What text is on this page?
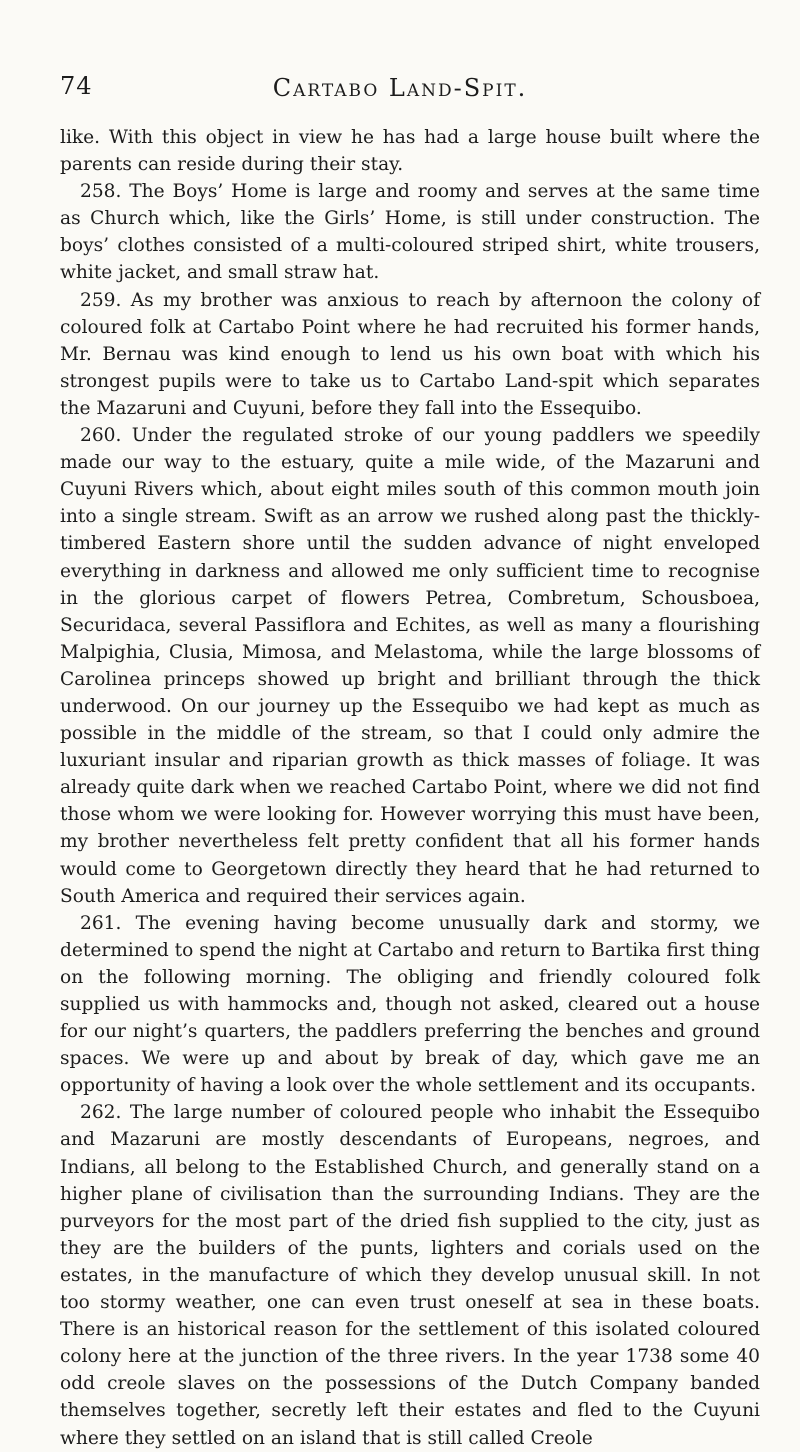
74	Cartabo Land-Spit.

like. With this object in view he has had a large house built where the parents can reside during their stay.

258. The Boys’ Home is large and roomy and serves at the same time as Church which, like the Girls’ Home, is still under construction. The boys’ clothes consisted of a multi-coloured striped shirt, white trousers, white jacket, and small straw hat.

259. As my brother was anxious to reach by afternoon the colony of coloured folk at Cartabo Point where he had recruited his former hands, Mr. Bernau was kind enough to lend us his own boat with which his strongest pupils were to take us to Cartabo Land-spit which separates the Mazaruni and Cuyuni, before they fall into the Essequibo.

260. Under the regulated stroke of our young paddlers we speedily made our way to the estuary, quite a mile wide, of the Mazaruni and Cuyuni Rivers which, about eight miles south of this common mouth join into a single stream. Swift as an arrow we rushed along past the thickly-timbered Eastern shore until the sudden advance of night enveloped everything in darkness and allowed me only sufficient time to recognise in the glorious carpet of flowers Petrea, Combretum, Schousboea, Securidaca, several Passiflora and Echites, as well as many a flourishing Malpighia, Clusia, Mimosa, and Melastoma, while the large blossoms of Carolinea princeps showed up bright and brilliant through the thick underwood. On our journey up the Essequibo we had kept as much as possible in the middle of the stream, so that I could only admire the luxuriant insular and riparian growth as thick masses of foliage. It was already quite dark when we reached Cartabo Point, where we did not find those whom we were looking for. However worrying this must have been, my brother nevertheless felt pretty confident that all his former hands would come to Georgetown directly they heard that he had returned to South America and required their services again.

261. The evening having become unusually dark and stormy, we determined to spend the night at Cartabo and return to Bartika first thing on the following morning. The obliging and friendly coloured folk supplied us with hammocks and, though not asked, cleared out a house for our night’s quarters, the paddlers preferring the benches and ground spaces. We were up and about by break of day, which gave me an opportunity of having a look over the whole settlement and its occupants.

262. The large number of coloured people who inhabit the Essequibo and Mazaruni are mostly descendants of Europeans, negroes, and Indians, all belong to the Established Church, and generally stand on a higher plane of civilisation than the surrounding Indians. They are the purveyors for the most part of the dried fish supplied to the city, just as they are the builders of the punts, lighters and corials used on the estates, in the manufacture of which they develop unusual skill. In not too stormy weather, one can even trust oneself at sea in these boats. There is an historical reason for the settlement of this isolated coloured colony here at the junction of the three rivers. In the year 1738 some 40 odd creole slaves on the possessions of the Dutch Company banded themselves together, secretly left their estates and fled to the Cuyuni where they settled on an island that is still called Creole
